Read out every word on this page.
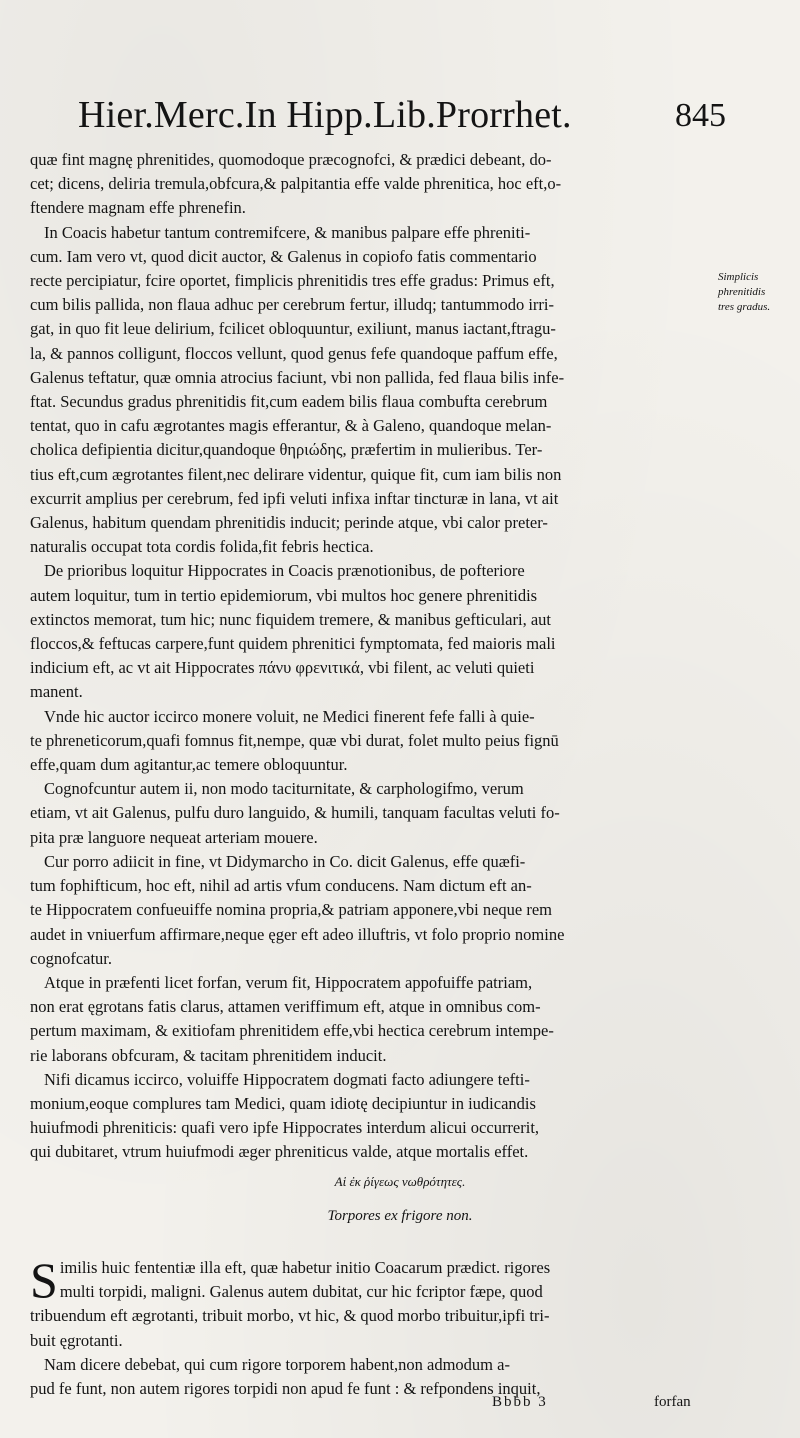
Hier.Merc.In Hipp.Lib.Prorrhet.	845
Simplicis
phrenitidis
tres gradus.
quæ fint magnę phrenitides, quomodoque præcognofci, & prædici debeant, do-
cet; dicens, deliria tremula,obfcura,& palpitantia effe valde phrenitica, hoc eft,o-
ftendere magnam effe phrenefin.
In Coacis habetur tantum contremifcere, & manibus palpare effe phreniti-
cum. Iam vero vt, quod dicit auctor, & Galenus in copiofo fatis commentario
recte percipiatur, fcire oportet, fimplicis phrenitidis tres effe gradus: Primus eft,
cum bilis pallida, non flaua adhuc per cerebrum fertur, illudq; tantummodo irri-
gat, in quo fit leue delirium, fcilicet obloquuntur, exiliunt, manus iactant,ftragu-
la, & pannos colligunt, floccos vellunt, quod genus fefe quandoque paffum effe,
Galenus teftatur, quæ omnia atrocius faciunt, vbi non pallida, fed flaua bilis infe-
ftat. Secundus gradus phrenitidis fit,cum eadem bilis flaua combufta cerebrum
tentat, quo in cafu ægrotantes magis efferantur, & à Galeno, quandoque melan-
cholica defipientia dicitur,quandoque θηριώδης, præfertim in mulieribus. Ter-
tius eft,cum ægrotantes filent,nec delirare videntur, quique fit, cum iam bilis non
excurrit amplius per cerebrum, fed ipfi veluti infixa inftar tincturæ in lana, vt ait
Galenus, habitum quendam phrenitidis inducit; perinde atque, vbi calor preter-
naturalis occupat tota cordis folida,fit febris hectica.
De prioribus loquitur Hippocrates in Coacis prænotionibus, de pofteriore
autem loquitur, tum in tertio epidemiorum, vbi multos hoc genere phrenitidis
extinctos memorat, tum hic; nunc fiquidem tremere, & manibus gefticulari, aut
floccos,& feftucas carpere,funt quidem phrenitici fymptomata, fed maioris mali
indicium eft, ac vt ait Hippocrates πάνυ φρενιτικά, vbi filent, ac veluti quieti
manent.
Vnde hic auctor iccirco monere voluit, ne Medici finerent fefe falli à quie-
te phreneticorum,quafi fomnus fit,nempe, quæ vbi durat, folet multo peius fignū
effe,quam dum agitantur,ac temere obloquuntur.
Cognofcuntur autem ii, non modo taciturnitate, & carphologifmo, verum
etiam, vt ait Galenus, pulfu duro languido, & humili, tanquam facultas veluti fo-
pita præ languore nequeat arteriam mouere.
Cur porro adiicit in fine, vt Didymarcho in Co. dicit Galenus, effe quæfi-
tum fophifticum, hoc eft, nihil ad artis vfum conducens. Nam dictum eft an-
te Hippocratem confueuiffe nomina propria,& patriam apponere,vbi neque rem
audet in vniuerfum affirmare,neque ęger eft adeo illuftris, vt folo proprio nomine
cognofcatur.
Atque in præfenti licet forfan, verum fit, Hippocratem appofuiffe patriam,
non erat ęgrotans fatis clarus, attamen veriffimum eft, atque in omnibus com-
pertum maximam, & exitiofam phrenitidem effe,vbi hectica cerebrum intempe-
rie laborans obfcuram, & tacitam phrenitidem inducit.
Nifi dicamus iccirco, voluiffe Hippocratem dogmati facto adiungere tefti-
monium,eoque complures tam Medici, quam idiotę decipiuntur in iudicandis
huiufmodi phreniticis: quafi vero ipfe Hippocrates interdum alicui occurrerit,
qui dubitaret, vtrum huiufmodi æger phreniticus valde, atque mortalis effet.
Αἱ ἐκ ῥίγεως νωθρότητες.
Torpores ex frigore non.
S imilis huic fententiæ illa eft, quæ habetur initio Coacarum prædict. rigores
multi torpidi, maligni. Galenus autem dubitat, cur hic fcriptor fæpe, quod
tribuendum eft ægrotanti, tribuit morbo, vt hic, & quod morbo tribuitur,ipfi tri-
buit ęgrotanti.
Nam dicere debebat, qui cum rigore torporem habent,non admodum a-
pud fe funt, non autem rigores torpidi non apud fe funt : & refpondens inquit,
Bbbb 3	forfan
